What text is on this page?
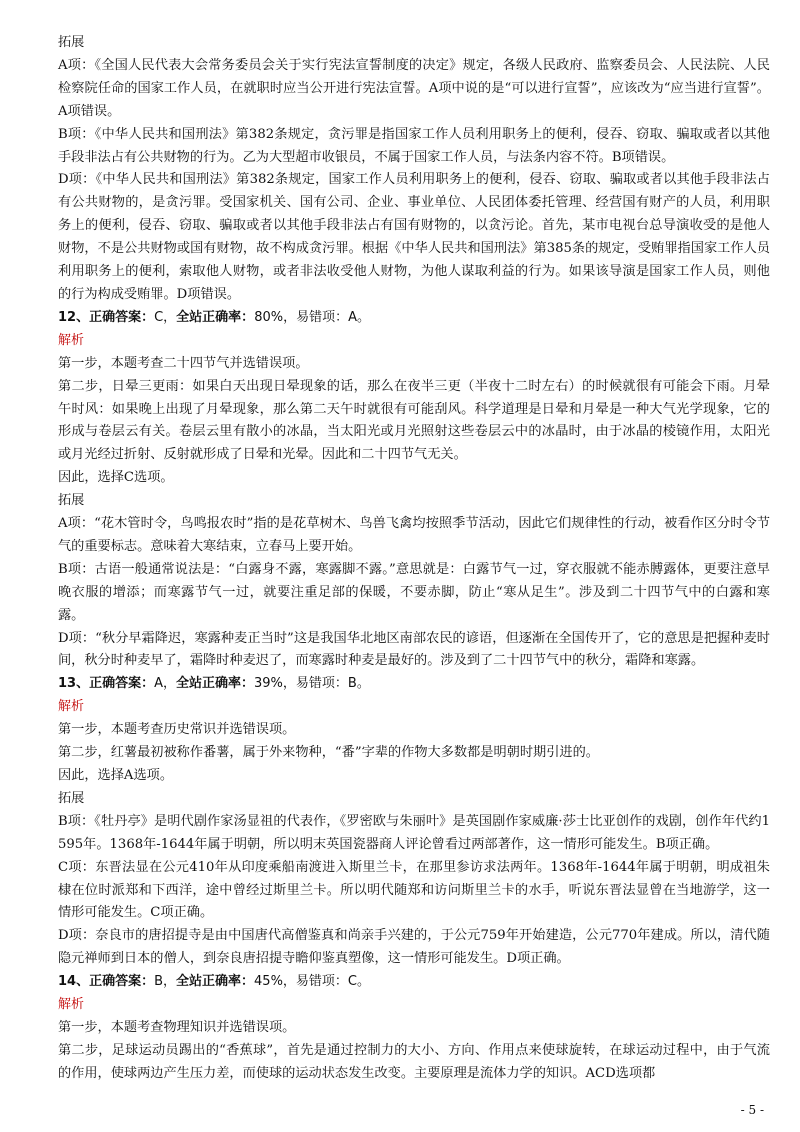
拓展
A项：《全国人民代表大会常务委员会关于实行宪法宣誓制度的决定》规定，各级人民政府、监察委员会、人民法院、人民检察院任命的国家工作人员，在就职时应当公开进行宪法宣誓。A项中说的是“可以进行宣誓”，应该改为“应当进行宣誓”。A项错误。
B项：《中华人民共和国刑法》第382条规定，贪污罪是指国家工作人员利用职务上的便利，侵吞、窃取、骗取或者以其他手段非法占有公共财物的行为。乙为大型超市收银员，不属于国家工作人员，与法条内容不符。B项错误。
D项：《中华人民共和国刑法》第382条规定，国家工作人员利用职务上的便利，侵吞、窃取、骗取或者以其他手段非法占有公共财物的，是贪污罪。受国家机关、国有公司、企业、事业单位、人民团体委托管理、经营国有财产的人员，利用职务上的便利，侵吞、窃取、骗取或者以其他手段非法占有国有财物的，以贪污论。首先，某市电视台总导演收受的是他人财物，不是公共财物或国有财物，故不构成贪污罪。根据《中华人民共和国刑法》第385条的规定，受贿罪指国家工作人员利用职务上的便利，索取他人财物，或者非法收受他人财物，为他人谋取利益的行为。如果该导演是国家工作人员，则他的行为构成受贿罪。D项错误。
12、正确答案：C，全站正确率：80%，易错项：A。
解析
第一步，本题考查二十四节气并选错误项。
第二步，日晕三更雨：如果白天出现日晕现象的话，那么在夜半三更（半夜十二时左右）的时候就很有可能会下雨。月晕午时风：如果晚上出现了月晕现象，那么第二天午时就很有可能刮风。科学道理是日晕和月晕是一种大气光学现象，它的形成与卷层云有关。卷层云里有散小的冰晶，当太阳光或月光照射这些卷层云中的冰晶时，由于冰晶的棱镜作用，太阳光或月光经过折射、反射就形成了日晕和光晕。因此和二十四节气无关。
因此，选择C选项。
拓展
A项：“花木管时令，鸟鸣报农时”指的是花草树木、鸟兽飞禽均按照季节活动，因此它们规律性的行动，被看作区分时令节气的重要标志。意味着大寒结束，立春马上要开始。
B项：古语一般通常说法是：“白露身不露，寒露脚不露。”意思就是：白露节气一过，穿衣服就不能赤膊露体，更要注意早晚衣服的增添；而寒露节气一过，就要注重足部的保暖，不要赤脚，防止“寒从足生”。涉及到二十四节气中的白露和寒露。
D项：“秋分早霜降迟，寒露种麦正当时”这是我国华北地区南部农民的谚语，但逐渐在全国传开了，它的意思是把握种麦时间，秋分时种麦早了，霜降时种麦迟了，而寒露时种麦是最好的。涉及到了二十四节气中的秋分，霜降和寒露。
13、正确答案：A，全站正确率：39%，易错项：B。
解析
第一步，本题考查历史常识并选错误项。
第二步，红薯最初被称作番薯，属于外来物种，“番”字辈的作物大多数都是明朝时期引进的。
因此，选择A选项。
拓展
B项：《牡丹亭》是明代剧作家汤显祖的代表作，《罗密欧与朱丽叶》是英国剧作家威廉·莎士比亚创作的戏剧，创作年代约1595年。1368年-1644年属于明朝，所以明末英国瓷器商人评论曾看过两部著作，这一情形可能发生。B项正确。
C项：东晋法显在公元410年从印度乘船南渡进入斯里兰卡，在那里参访求法两年。1368年-1644年属于明朝，明成祖朱棣在位时派郑和下西洋，途中曾经过斯里兰卡。所以明代随郑和访问斯里兰卡的水手，听说东晋法显曾在当地游学，这一情形可能发生。C项正确。
D项：奈良市的唐招提寺是由中国唐代高僧鉴真和尚亲手兴建的，于公元759年开始建造，公元770年建成。所以，清代随隐元禅师到日本的僧人，到奈良唐招提寺瞻仰鉴真塑像，这一情形可能发生。D项正确。
14、正确答案：B，全站正确率：45%，易错项：C。
解析
第一步，本题考查物理知识并选错误项。
第二步，足球运动员踢出的“香蕉球”，首先是通过控制力的大小、方向、作用点来使球旋转，在球运动过程中，由于气流的作用，使球两边产生压力差，而使球的运动状态发生改变。主要原理是流体力学的知识。ACD选项都
- 5 -
